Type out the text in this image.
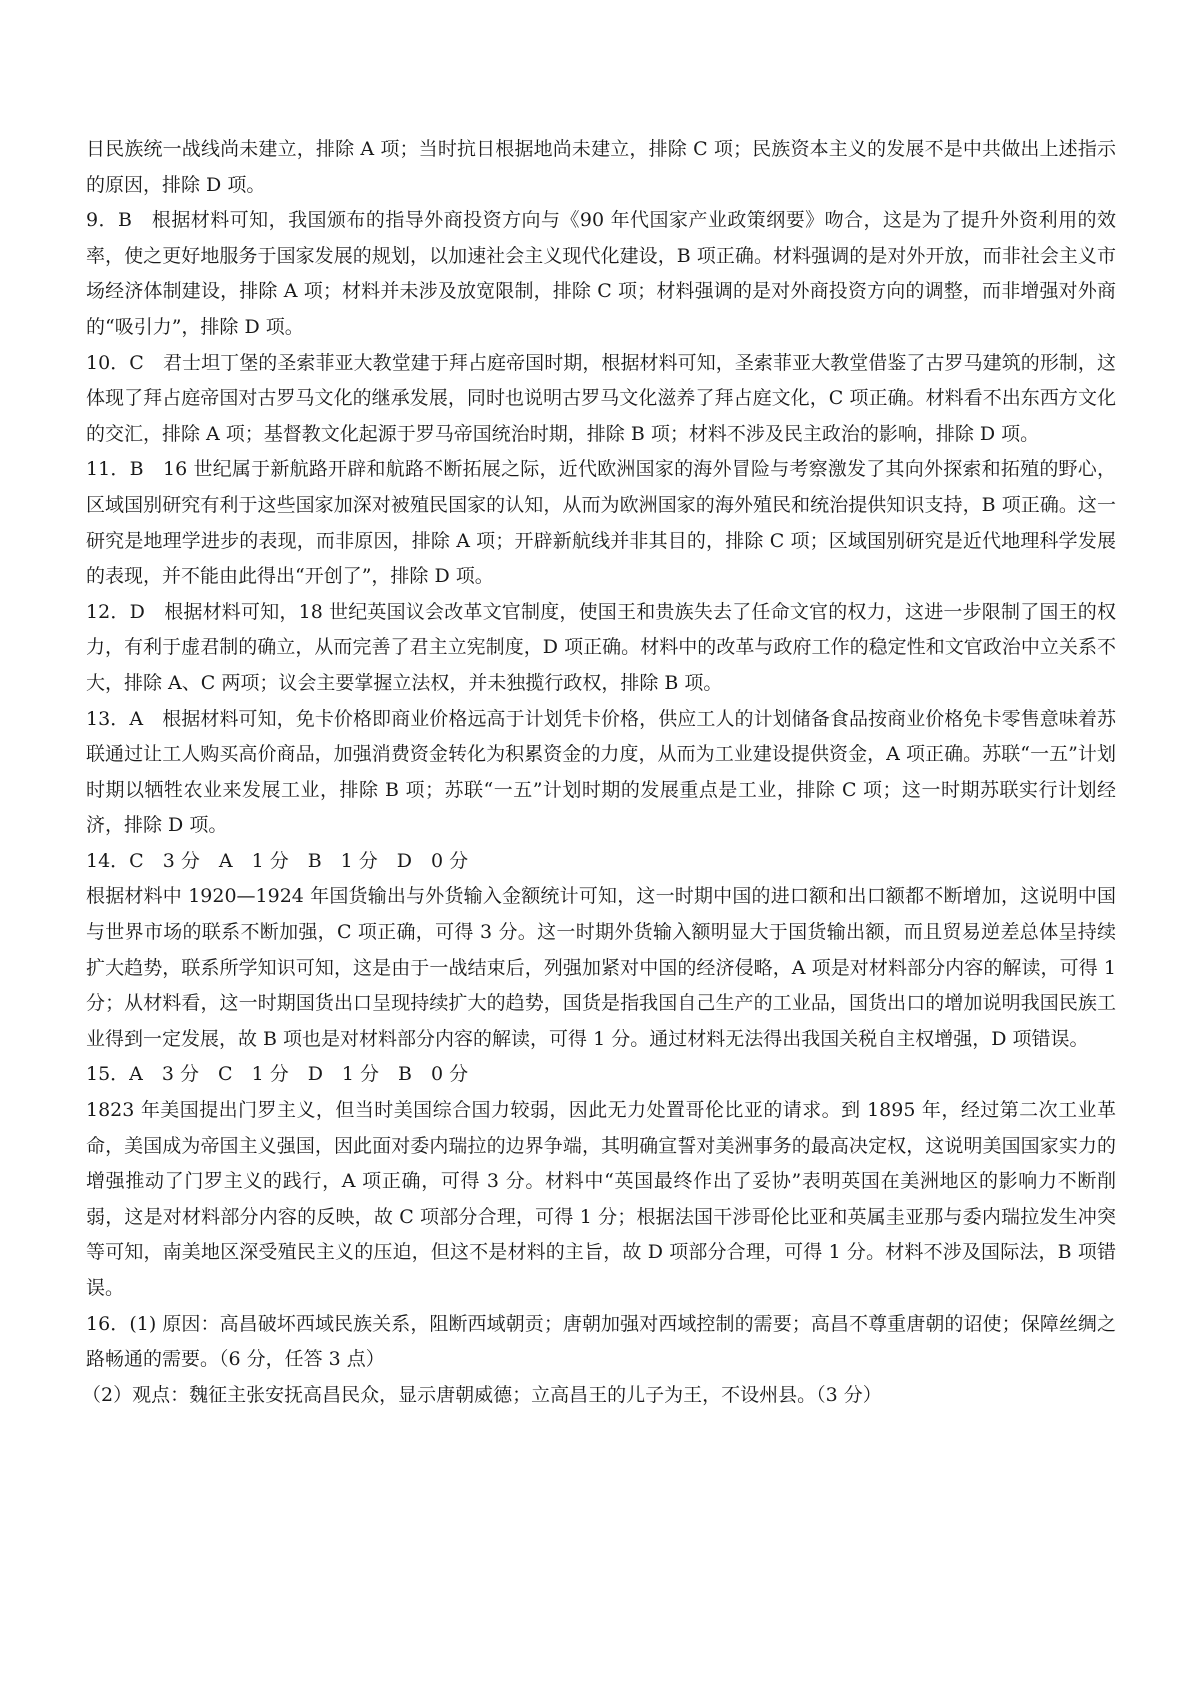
日民族统一战线尚未建立，排除 A 项；当时抗日根据地尚未建立，排除 C 项；民族资本主义的发展不是中共做出上述指示的原因，排除 D 项。

9．B　根据材料可知，我国颁布的指导外商投资方向与《90 年代国家产业政策纲要》吻合，这是为了提升外资利用的效率，使之更好地服务于国家发展的规划，以加速社会主义现代化建设，B 项正确。材料强调的是对外开放，而非社会主义市场经济体制建设，排除 A 项；材料并未涉及放宽限制，排除 C 项；材料强调的是对外商投资方向的调整，而非增强对外商的“吸引力”，排除 D 项。

10．C　君士坦丁堡的圣索菲亚大教堂建于拜占庭帝国时期，根据材料可知，圣索菲亚大教堂借鉴了古罗马建筑的形制，这体现了拜占庭帝国对古罗马文化的继承发展，同时也说明古罗马文化滋养了拜占庭文化，C 项正确。材料看不出东西方文化的交汇，排除 A 项；基督教文化起源于罗马帝国统治时期，排除 B 项；材料不涉及民主政治的影响，排除 D 项。

11．B　16 世纪属于新航路开辟和航路不断拓展之际，近代欧洲国家的海外冒险与考察激发了其向外探索和拓殖的野心，区域国别研究有利于这些国家加深对被殖民国家的认知，从而为欧洲国家的海外殖民和统治提供知识支持，B 项正确。这一研究是地理学进步的表现，而非原因，排除 A 项；开辟新航线并非其目的，排除 C 项；区域国别研究是近代地理科学发展的表现，并不能由此得出“开创了”，排除 D 项。

12．D　根据材料可知，18 世纪英国议会改革文官制度，使国王和贵族失去了任命文官的权力，这进一步限制了国王的权力，有利于虚君制的确立，从而完善了君主立宪制度，D 项正确。材料中的改革与政府工作的稳定性和文官政治中立关系不大，排除 A、C 两项；议会主要掌握立法权，并未独揽行政权，排除 B 项。

13．A　根据材料可知，免卡价格即商业价格远高于计划凭卡价格，供应工人的计划储备食品按商业价格免卡零售意味着苏联通过让工人购买高价商品，加强消费资金转化为积累资金的力度，从而为工业建设提供资金，A 项正确。苏联“一五”计划时期以牺牲农业来发展工业，排除 B 项；苏联“一五”计划时期的发展重点是工业，排除 C 项；这一时期苏联实行计划经济，排除 D 项。

14．C　3 分　A　1 分　B　1 分　D　0 分

根据材料中 1920—1924 年国货输出与外货输入金额统计可知，这一时期中国的进口额和出口额都不断增加，这说明中国与世界市场的联系不断加强，C 项正确，可得 3 分。这一时期外货输入额明显大于国货输出额，而且贸易逆差总体呈持续扩大趋势，联系所学知识可知，这是由于一战结束后，列强加紧对中国的经济侵略，A 项是对材料部分内容的解读，可得 1 分；从材料看，这一时期国货出口呈现持续扩大的趋势，国货是指我国自己生产的工业品，国货出口的增加说明我国民族工业得到一定发展，故 B 项也是对材料部分内容的解读，可得 1 分。通过材料无法得出我国关税自主权增强，D 项错误。

15．A　3 分　C　1 分　D　1 分　B　0 分

1823 年美国提出门罗主义，但当时美国综合国力较弱，因此无力处置哥伦比亚的请求。到 1895 年，经过第二次工业革命，美国成为帝国主义强国，因此面对委内瑞拉的边界争端，其明确宣誓对美洲事务的最高决定权，这说明美国国家实力的增强推动了门罗主义的践行，A 项正确，可得 3 分。材料中“英国最终作出了妥协”表明英国在美洲地区的影响力不断削弱，这是对材料部分内容的反映，故 C 项部分合理，可得 1 分；根据法国干涉哥伦比亚和英属圭亚那与委内瑞拉发生冲突等可知，南美地区深受殖民主义的压迫，但这不是材料的主旨，故 D 项部分合理，可得 1 分。材料不涉及国际法，B 项错误。

16．(1) 原因：高昌破坏西域民族关系，阻断西域朝贡；唐朝加强对西域控制的需要；高昌不尊重唐朝的诏使；保障丝绸之路畅通的需要。（6 分，任答 3 点）

（2）观点：魏征主张安抚高昌民众，显示唐朝威德；立高昌王的儿子为王，不设州县。（3 分）
